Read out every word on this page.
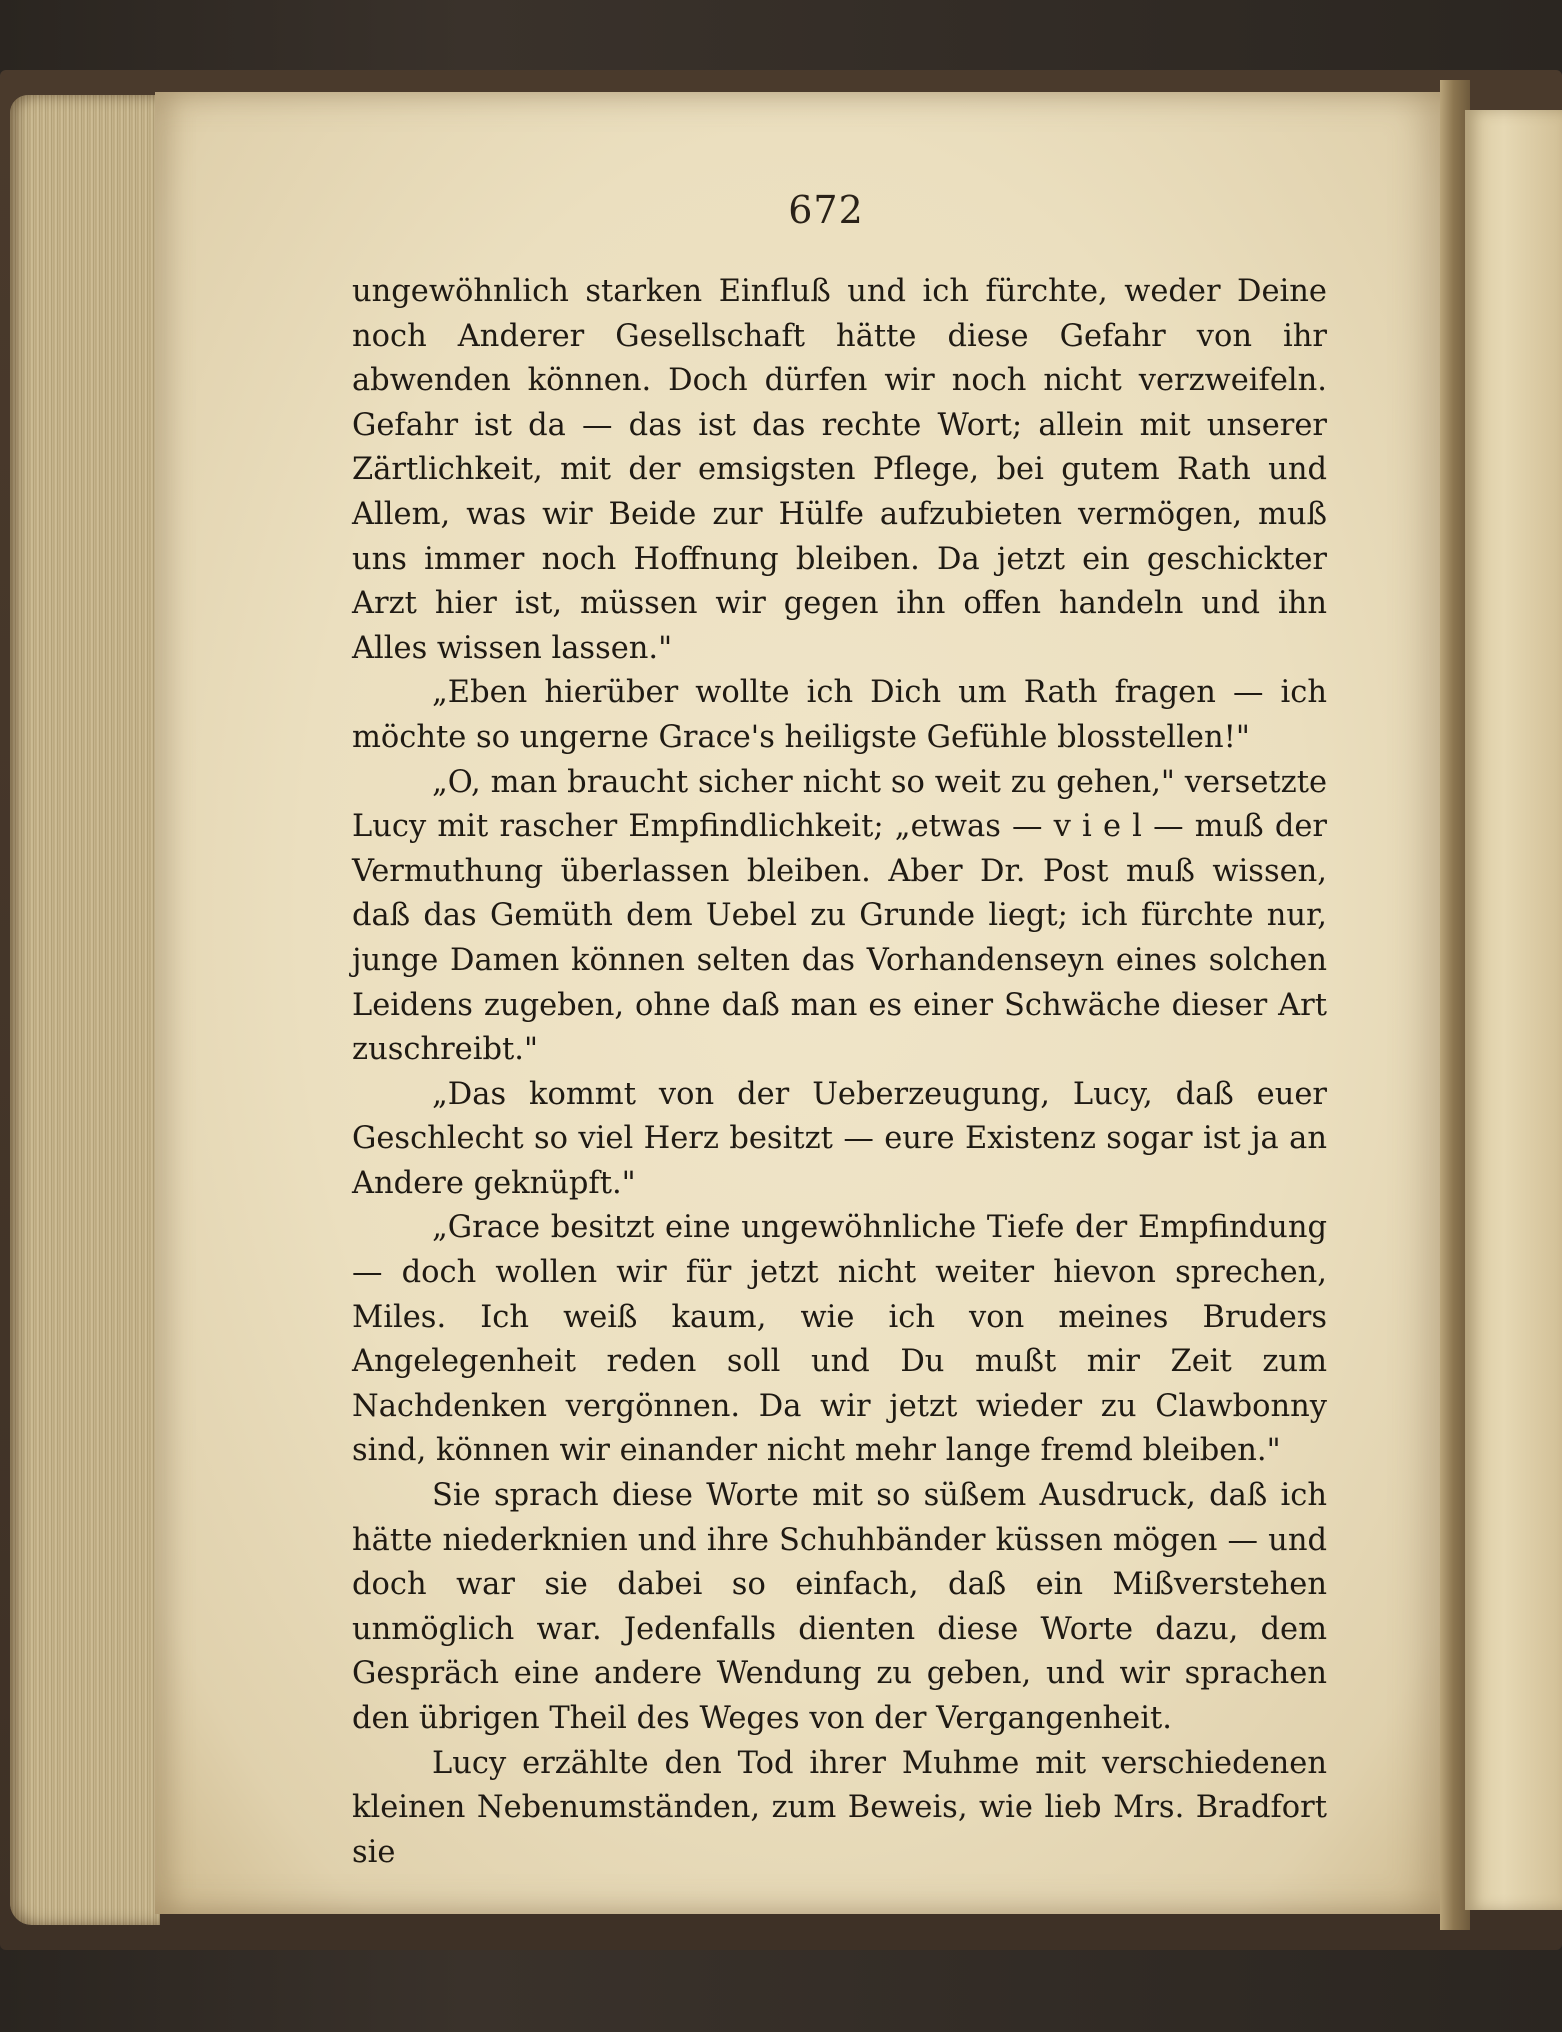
672

ungewöhnlich starken Einfluß und ich fürchte, weder Deine noch Anderer Gesellschaft hätte diese Gefahr von ihr abwenden können. Doch dürfen wir noch nicht verzweifeln. Gefahr ist da — das ist das rechte Wort; allein mit unserer Zärtlichkeit, mit der emsigsten Pflege, bei gutem Rath und Allem, was wir Beide zur Hülfe aufzubieten vermögen, muß uns immer noch Hoffnung bleiben. Da jetzt ein geschickter Arzt hier ist, müssen wir gegen ihn offen handeln und ihn Alles wissen lassen."

„Eben hierüber wollte ich Dich um Rath fragen — ich möchte so ungerne Grace's heiligste Gefühle blosstellen!"

„O, man braucht sicher nicht so weit zu gehen," versetzte Lucy mit rascher Empfindlichkeit; „etwas — v i e l — muß der Vermuthung überlassen bleiben. Aber Dr. Post muß wissen, daß das Gemüth dem Uebel zu Grunde liegt; ich fürchte nur, junge Damen können selten das Vorhandenseyn eines solchen Leidens zugeben, ohne daß man es einer Schwäche dieser Art zuschreibt."

„Das kommt von der Ueberzeugung, Lucy, daß euer Geschlecht so viel Herz besitzt — eure Existenz sogar ist ja an Andere geknüpft."

„Grace besitzt eine ungewöhnliche Tiefe der Empfindung — doch wollen wir für jetzt nicht weiter hievon sprechen, Miles. Ich weiß kaum, wie ich von meines Bruders Angelegenheit reden soll und Du mußt mir Zeit zum Nachdenken vergönnen. Da wir jetzt wieder zu Clawbonny sind, können wir einander nicht mehr lange fremd bleiben."

Sie sprach diese Worte mit so süßem Ausdruck, daß ich hätte niederknien und ihre Schuhbänder küssen mögen — und doch war sie dabei so einfach, daß ein Mißverstehen unmöglich war. Jedenfalls dienten diese Worte dazu, dem Gespräch eine andere Wendung zu geben, und wir sprachen den übrigen Theil des Weges von der Vergangenheit.

Lucy erzählte den Tod ihrer Muhme mit verschiedenen kleinen Nebenumständen, zum Beweis, wie lieb Mrs. Bradfort sie
